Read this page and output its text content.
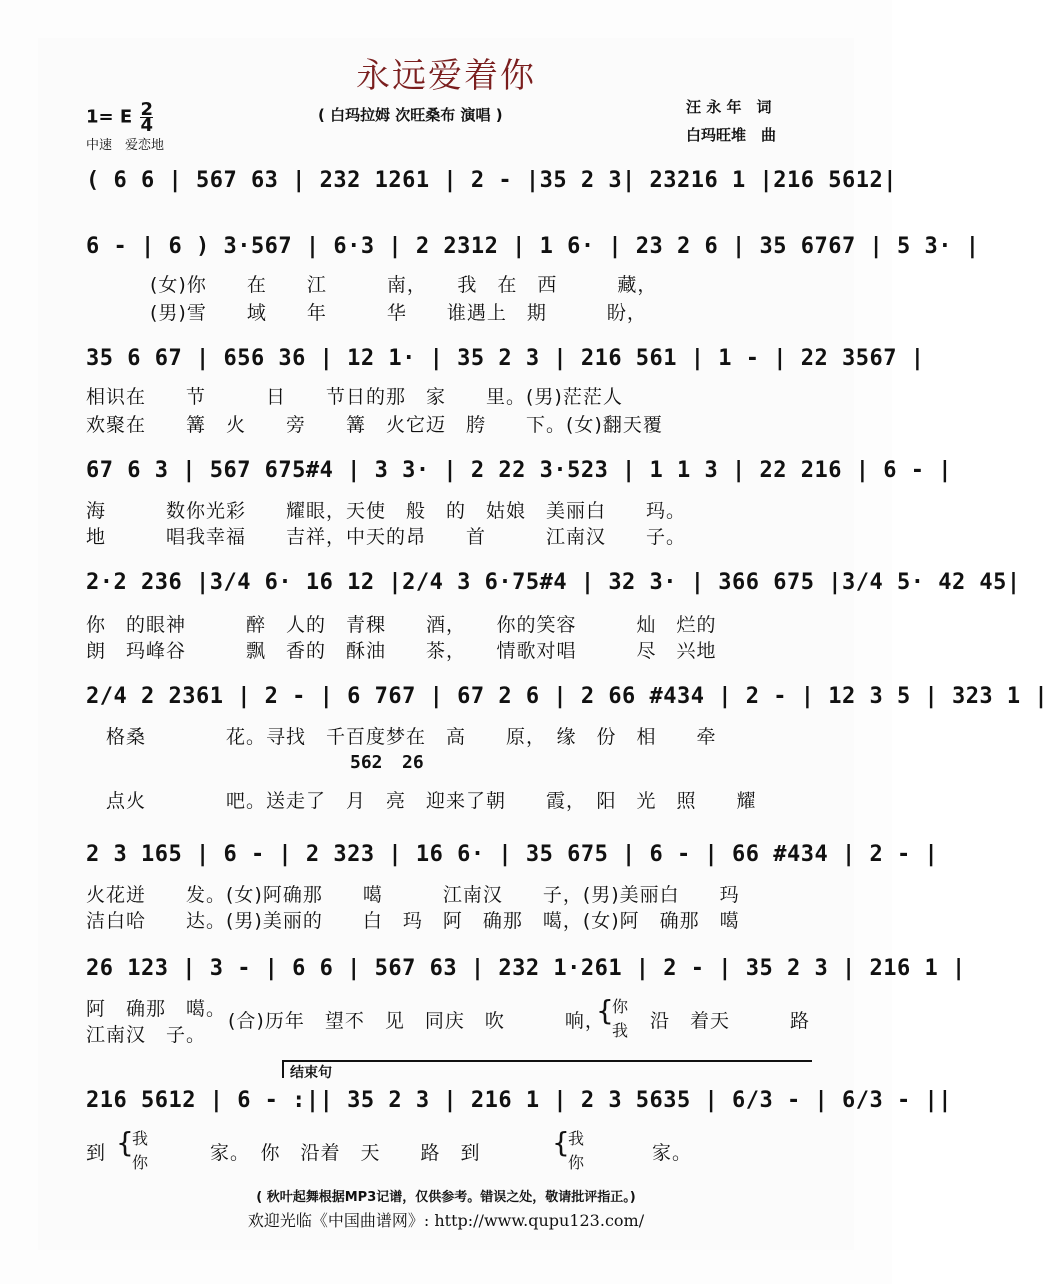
永远爱着你
1= E $\frac{2}{4}$
中速　爱恋地
( 白玛拉姆 次旺桑布 演唱 )	汪 永 年　词
白玛旺堆　曲
( 6 6 | 567 63 | 232 1261 | 2 - |35 2 3| 23216 1 |216 5612|
6 - | 6 ) 3·567 | 6·3 | 2 2312 | 1 6· | 23 2 6 | 35 6767 | 5 3· |
(女)你　　在　　江　　　南，　　我　在　西　　　藏，
(男)雪　　域　　年　　　华　　谁遇上　期　　　盼，
35 6 67 | 656 36 | 12 1· | 35 2 3 | 216 561 | 1 - | 22 3567 |
相识在　　节　　　日　　节日的那　家　　里。(男)茫茫人
欢聚在　　篝　火　　旁　　篝　火它迈　胯　　下。(女)翻天覆
67 6 3 | 567 675#4 | 3 3· | 2 22 3·523 | 1 1 3 | 22 216 | 6 - |
海　　　数你光彩　　耀眼，天使　般　的　姑娘　美丽白　　玛。
地　　　唱我幸福　　吉祥，中天的昂　　首　　　江南汉　　子。
2·2 236 |3/4 6· 16 12 |2/4 3 6·75#4 | 32 3· | 366 675 |3/4 5· 42 45|
你　的眼神　　　醉　人的　青稞　　酒，　　你的笑容　　　灿　烂的
朗　玛峰谷　　　飘　香的　酥油　　茶，　　情歌对唱　　　尽　兴地
2/4 2 2361 | 2 - | 6 767 | 67 2 6 | 2 66 #434 | 2 - | 12 3 5 | 323 1 |
　格桑　　　　花。寻找　千百度梦在　高　　原，　缘　份　相　　牵
562 26
　点火　　　　吧。送走了　月　亮　迎来了朝　　霞，　阳　光　照　　耀
2 3 165 | 6 - | 2 323 | 16 6· | 35 675 | 6 - | 66 #434 | 2 - |
火花迸　　发。(女)阿确那　　噶　　　江南汉　　子，(男)美丽白　　玛
洁白哈　　达。(男)美丽的　　白　玛　阿　确那　噶，(女)阿　确那　噶
26 123 | 3 - | 6 6 | 567 63 | 232 1·261 | 2 - | 35 2 3 | 216 1 |
阿　确那　噶。
江南汉　子。
(合)历年　望不　见　同庆　吹　　　响，
{
你
我 沿　着天　　　路
结束句
216 5612 | 6 - :|| 35 2 3 | 216 1 | 2 3 5635 | 6/3 - | 6/3 - ||
到 {
我
你	家。　你　沿着　天　　路　到	{
我
你	家。
( 秋叶起舞根据MP3记谱，仅供参考。错误之处，敬请批评指正。)
欢迎光临《中国曲谱网》: http://www.qupu123.com/
